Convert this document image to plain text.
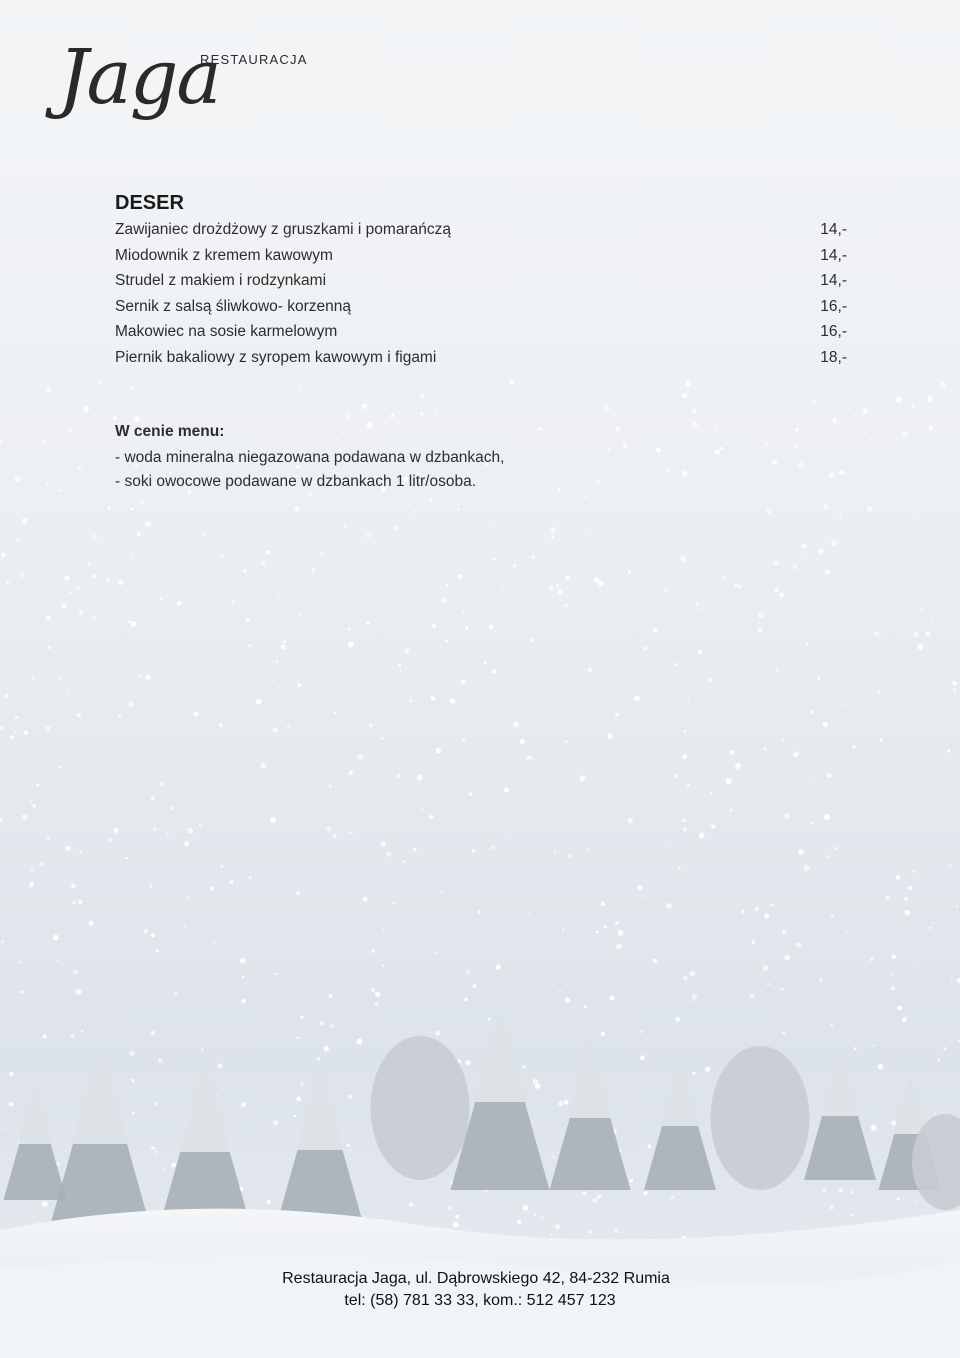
Jaga
RESTAURACJA
DESER
Zawijaniec drożdżowy z gruszkami i pomarańczą	14,-
Miodownik z kremem kawowym	14,-
Strudel z makiem i rodzynkami	14,-
Sernik z salsą śliwkowo- korzenną	16,-
Makowiec na sosie karmelowym	16,-
Piernik bakaliowy z syropem kawowym i figami	18,-
W cenie menu:
- woda mineralna niegazowana podawana w dzbankach,
- soki owocowe podawane w dzbankach 1 litr/osoba.
Restauracja Jaga, ul. Dąbrowskiego 42, 84-232 Rumia
tel: (58) 781 33 33, kom.: 512 457 123
